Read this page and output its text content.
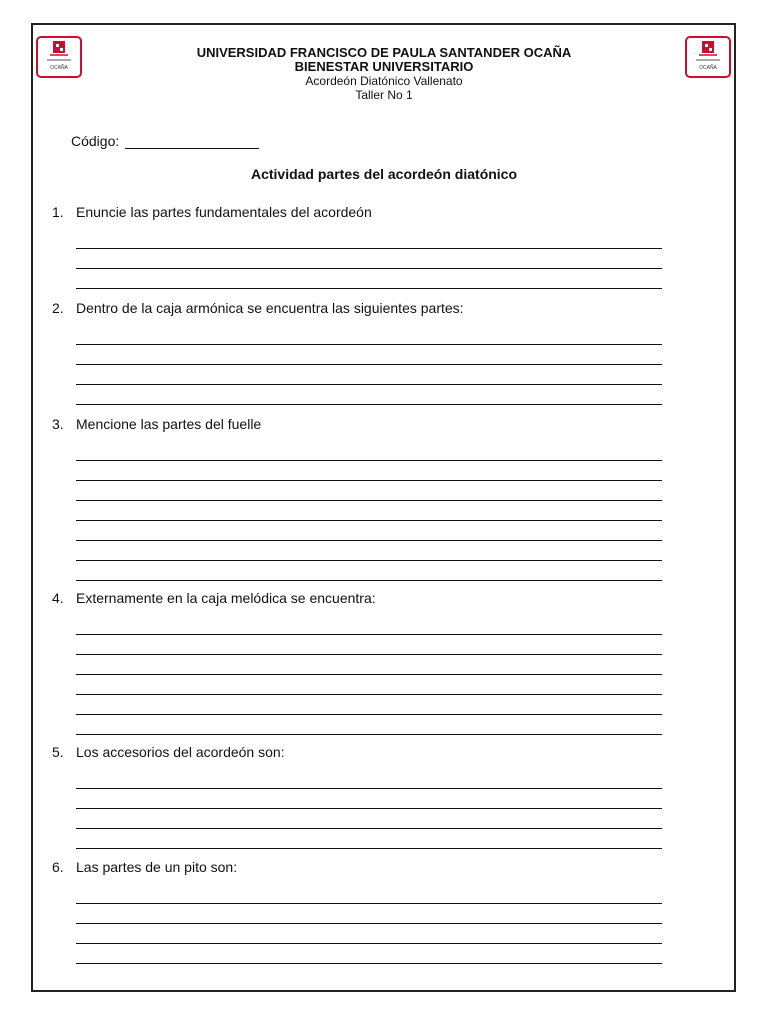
OCAÑA	OCAÑA
UNIVERSIDAD FRANCISCO DE PAULA SANTANDER OCAÑA
BIENESTAR UNIVERSITARIO
Acordeón Diatónico Vallenato
Taller No 1
Código:
Actividad partes del acordeón diatónico
1. Enuncie las partes fundamentales del acordeón
2. Dentro de la caja armónica se encuentra las siguientes partes:
3. Mencione las partes del fuelle
4. Externamente en la caja melódica se encuentra:
5. Los accesorios del acordeón son:
6. Las partes de un pito son:
